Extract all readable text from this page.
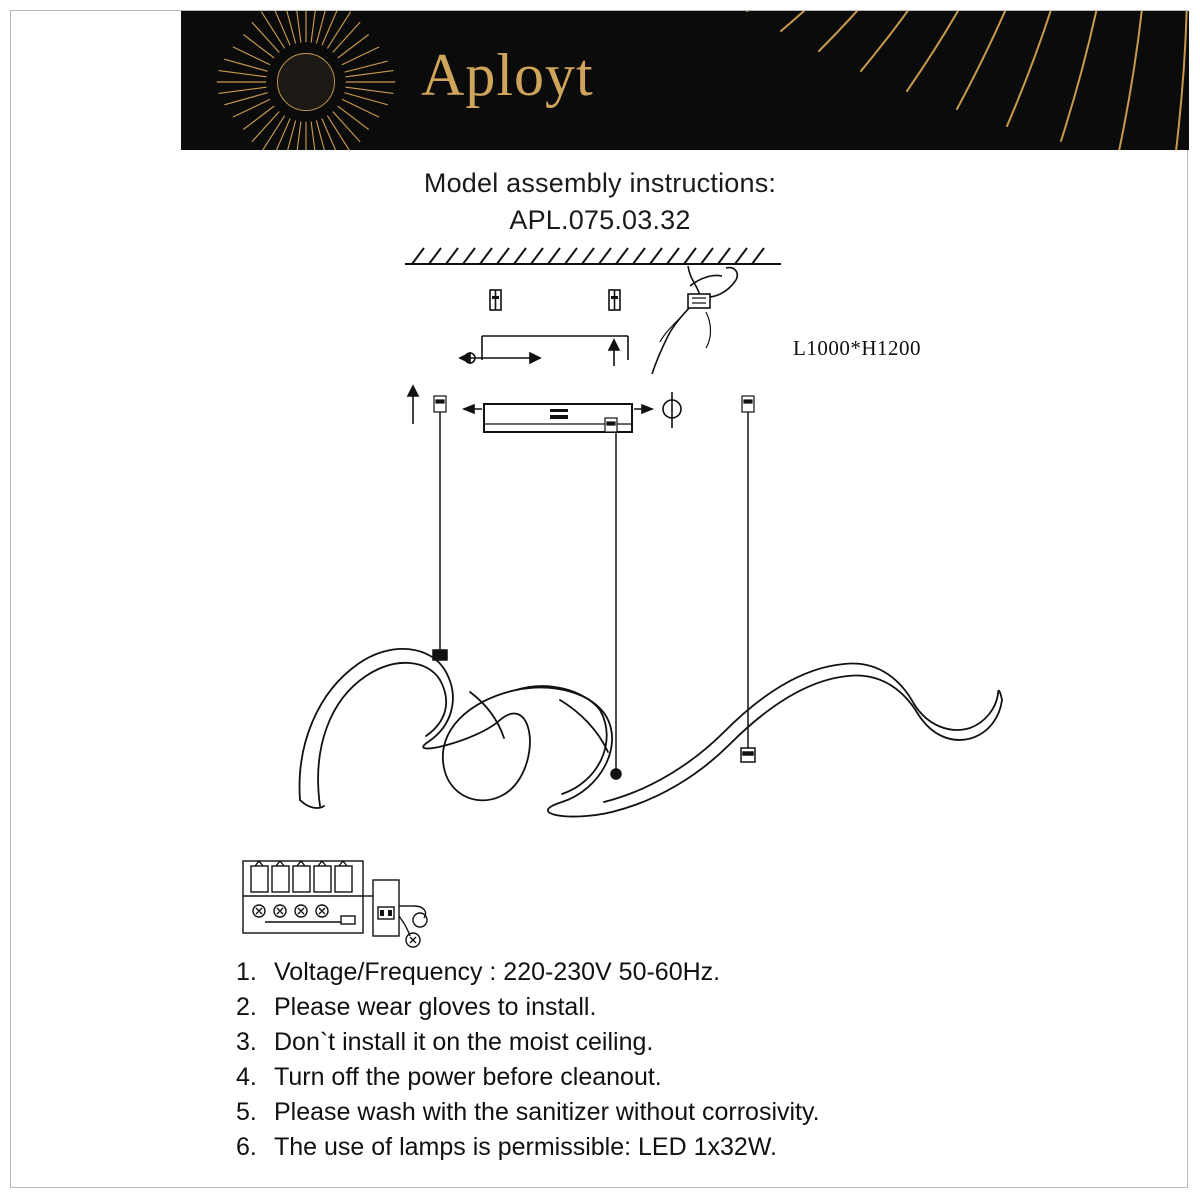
Aployt
Model assembly instructions:
APL.075.03.32
L1000*H1200
1. Voltage/Frequency : 220-230V 50-60Hz.
2. Please wear gloves to install.
3. Don`t install it on the moist ceiling.
4. Turn off the power before cleanout.
5. Please wash with the sanitizer without corrosivity.
6. The use of lamps is permissible: LED 1x32W.
